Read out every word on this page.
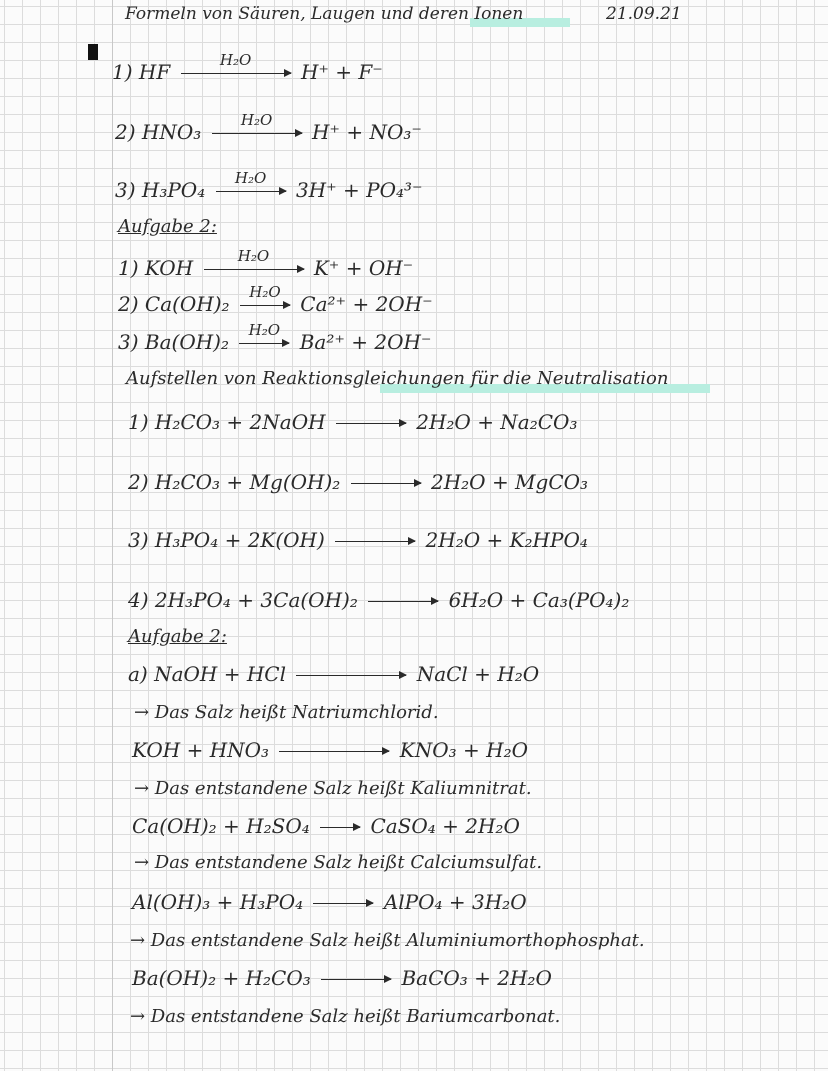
Formeln von Säuren, Laugen und deren Ionen	21.09.21
1) HF	H₂O H⁺ + F⁻
2) HNO₃	H₂O H⁺ + NO₃⁻
3) H₃PO₄ H₂O 3H⁺ + PO₄³⁻
Aufgabe 2:
1) KOH	H₂O K⁺ + OH⁻
2) Ca(OH)₂ H₂O Ca²⁺ + 2OH⁻
3) Ba(OH)₂ H₂O Ba²⁺ + 2OH⁻
Aufstellen von Reaktionsgleichungen für die Neutralisation
1) H₂CO₃ + 2NaOH → 2H₂O + Na₂CO₃
2) H₂CO₃ + Mg(OH)₂ → 2H₂O + MgCO₃
3) H₃PO₄ + 2K(OH) → 2H₂O + K₂HPO₄
4) 2H₃PO₄ + 3Ca(OH)₂ → 6H₂O + Ca₃(PO₄)₂
Aufgabe 2:
a) NaOH + HCl	NaCl + H₂O
→ Das Salz heißt Natriumchlorid.
KOH + HNO₃	KNO₃ + H₂O
→ Das entstandene Salz heißt Kaliumnitrat.
Ca(OH)₂ + H₂SO₄ → CaSO₄ + 2H₂O
→ Das entstandene Salz heißt Calciumsulfat.
Al(OH)₃ + H₃PO₄ → AlPO₄ + 3H₂O
→ Das entstandene Salz heißt Aluminiumorthophosphat.
Ba(OH)₂ + H₂CO₃ → BaCO₃ + 2H₂O
→ Das entstandene Salz heißt Bariumcarbonat.
